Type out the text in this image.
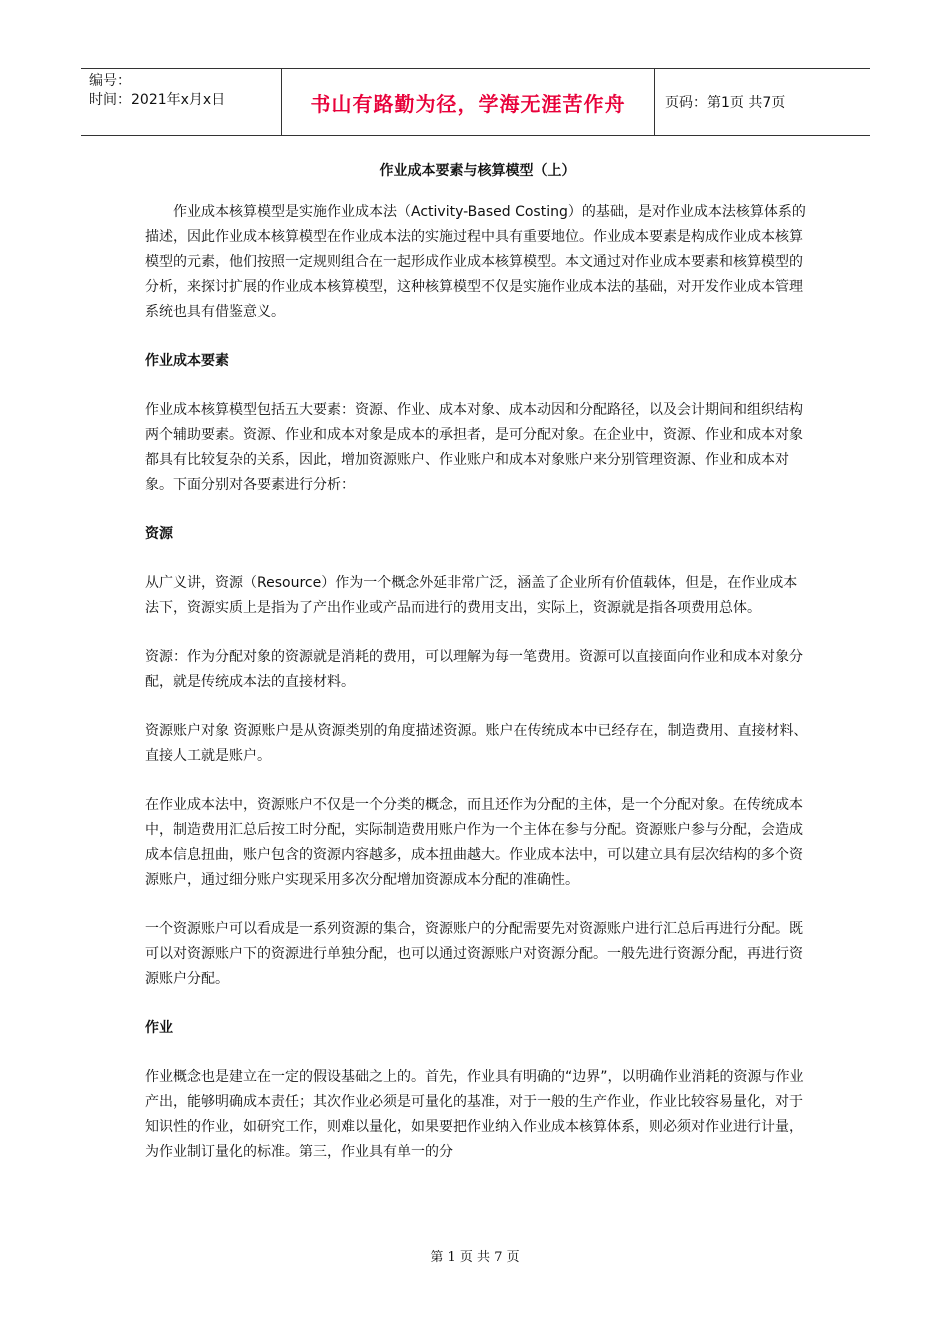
编号：
时间：2021年x月x日	书山有路勤为径，学海无涯苦作舟	页码：第1页 共7页
作业成本要素与核算模型（上）

作业成本核算模型是实施作业成本法（Activity-Based Costing）的基础，是对作业成本法核算体系的描述，因此作业成本核算模型在作业成本法的实施过程中具有重要地位。作业成本要素是构成作业成本核算模型的元素，他们按照一定规则组合在一起形成作业成本核算模型。本文通过对作业成本要素和核算模型的分析，来探讨扩展的作业成本核算模型，这种核算模型不仅是实施作业成本法的基础，对开发作业成本管理系统也具有借鉴意义。

作业成本要素

作业成本核算模型包括五大要素：资源、作业、成本对象、成本动因和分配路径，以及会计期间和组织结构两个辅助要素。资源、作业和成本对象是成本的承担者，是可分配对象。在企业中，资源、作业和成本对象都具有比较复杂的关系，因此，增加资源账户、作业账户和成本对象账户来分别管理资源、作业和成本对象。下面分别对各要素进行分析：

资源

从广义讲，资源（Resource）作为一个概念外延非常广泛，涵盖了企业所有价值载体，但是，在作业成本法下，资源实质上是指为了产出作业或产品而进行的费用支出，实际上，资源就是指各项费用总体。

资源：作为分配对象的资源就是消耗的费用，可以理解为每一笔费用。资源可以直接面向作业和成本对象分配，就是传统成本法的直接材料。

资源账户对象 资源账户是从资源类别的角度描述资源。账户在传统成本中已经存在，制造费用、直接材料、直接人工就是账户。

在作业成本法中，资源账户不仅是一个分类的概念，而且还作为分配的主体，是一个分配对象。在传统成本中，制造费用汇总后按工时分配，实际制造费用账户作为一个主体在参与分配。资源账户参与分配，会造成成本信息扭曲，账户包含的资源内容越多，成本扭曲越大。作业成本法中，可以建立具有层次结构的多个资源账户，通过细分账户实现采用多次分配增加资源成本分配的准确性。

一个资源账户可以看成是一系列资源的集合，资源账户的分配需要先对资源账户进行汇总后再进行分配。既可以对资源账户下的资源进行单独分配，也可以通过资源账户对资源分配。一般先进行资源分配，再进行资源账户分配。

作业

作业概念也是建立在一定的假设基础之上的。首先，作业具有明确的“边界”，以明确作业消耗的资源与作业产出，能够明确成本责任；其次作业必须是可量化的基准，对于一般的生产作业，作业比较容易量化，对于知识性的作业，如研究工作，则难以量化，如果要把作业纳入作业成本核算体系，则必须对作业进行计量，为作业制订量化的标准。第三，作业具有单一的分

第 1 页 共 7 页
